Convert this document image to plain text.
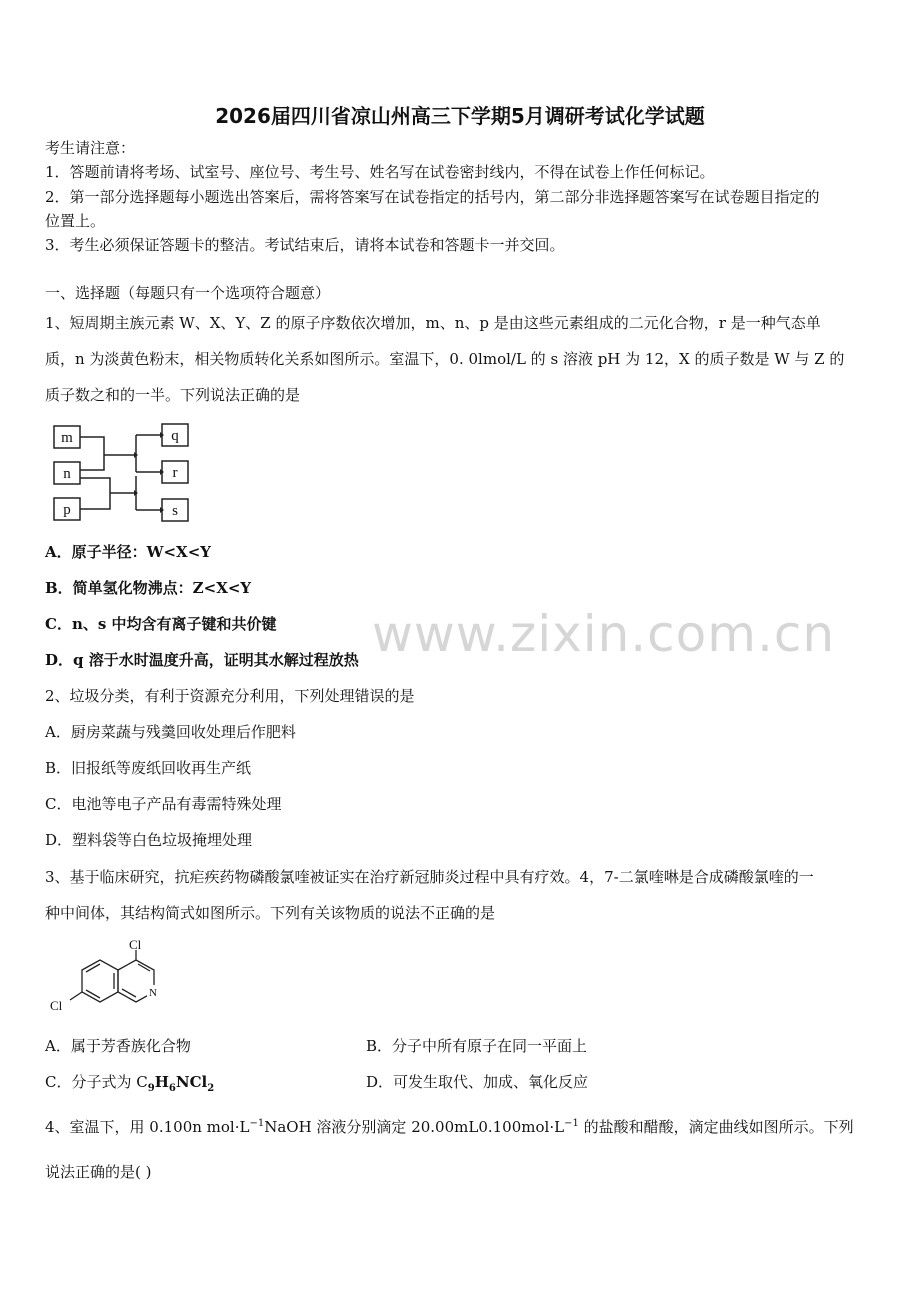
2026届四川省凉山州高三下学期5月调研考试化学试题
考生请注意：
1．答题前请将考场、试室号、座位号、考生号、姓名写在试卷密封线内，不得在试卷上作任何标记。
2．第一部分选择题每小题选出答案后，需将答案写在试卷指定的括号内，第二部分非选择题答案写在试卷题目指定的
位置上。
3．考生必须保证答题卡的整洁。考试结束后，请将本试卷和答题卡一并交回。
一、选择题（每题只有一个选项符合题意）
1、短周期主族元素 W、X、Y、Z 的原子序数依次增加，m、n、p 是由这些元素组成的二元化合物，r 是一种气态单
质，n 为淡黄色粉末，相关物质转化关系如图所示。室温下，0. 0lmol/L 的 s 溶液 pH 为 12，X 的质子数是 W 与 Z 的
质子数之和的一半。下列说法正确的是
m
n
p
q
r
s
A．原子半径：W<X<Y
B．简单氢化物沸点：Z<X<Y
C．n、s 中均含有离子键和共价键
D．q 溶于水时温度升高，证明其水解过程放热 www.zixin.com.cn
2、垃圾分类，有利于资源充分利用，下列处理错误的是
A．厨房菜蔬与残羹回收处理后作肥料
B．旧报纸等废纸回收再生产纸
C．电池等电子产品有毒需特殊处理
D．塑料袋等白色垃圾掩埋处理
3、基于临床研究，抗疟疾药物磷酸氯喹被证实在治疗新冠肺炎过程中具有疗效。4，7-二氯喹啉是合成磷酸氯喹的一
种中间体，其结构简式如图所示。下列有关该物质的说法不正确的是
Cl
Cl
N
A．属于芳香族化合物	B．分子中所有原子在同一平面上
C．分子式为 $C_9H_6NCl_2$	D．可发生取代、加成、氧化反应
4、室温下，用 0.100n $mol\cdot L^{-1}NaOH$ 溶液分别滴定 $20.00mL0.100mol\cdot L^{-1}$ 的盐酸和醋酸，滴定曲线如图所示。下列
说法正确的是( )
